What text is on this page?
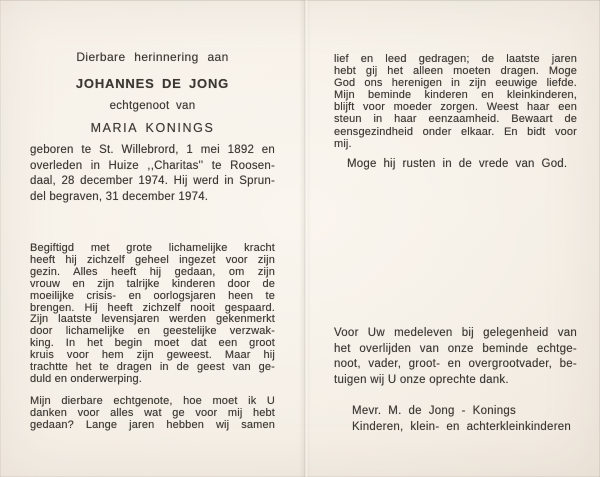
Dierbare herinnering aan
JOHANNES DE JONG
echtgenoot van
MARIA KONINGS
geboren te St. Willebrord, 1 mei 1892 en
overleden in Huize ,,Charitas'' te Roosen-
daal, 28 december 1974. Hij werd in Sprun-
del begraven, 31 december 1974.
Begiftigd met grote lichamelijke kracht
heeft hij zichzelf geheel ingezet voor zijn
gezin. Alles heeft hij gedaan, om zijn
vrouw en zijn talrijke kinderen door de
moeilijke crisis- en oorlogsjaren heen te
brengen. Hij heeft zichzelf nooit gespaard.
Zijn laatste levensjaren werden gekenmerkt
door lichamelijke en geestelijke verzwak-
king. In het begin moet dat een groot
kruis voor hem zijn geweest. Maar hij
trachtte het te dragen in de geest van ge-
duld en onderwerping.
Mijn dierbare echtgenote, hoe moet ik U
danken voor alles wat ge voor mij hebt
gedaan? Lange jaren hebben wij samen
lief en leed gedragen; de laatste jaren
hebt gij het alleen moeten dragen. Moge
God ons herenigen in zijn eeuwige liefde.
Mijn beminde kinderen en kleinkinderen,
blijft voor moeder zorgen. Weest haar een
steun in haar eenzaamheid. Bewaart de
eensgezindheid onder elkaar. En bidt voor
mij.
Moge hij rusten in de vrede van God.
Voor Uw medeleven bij gelegenheid van
het overlijden van onze beminde echtge-
noot, vader, groot- en overgrootvader, be-
tuigen wij U onze oprechte dank.
Mevr. M. de Jong - Konings
Kinderen, klein- en achterkleinkinderen
